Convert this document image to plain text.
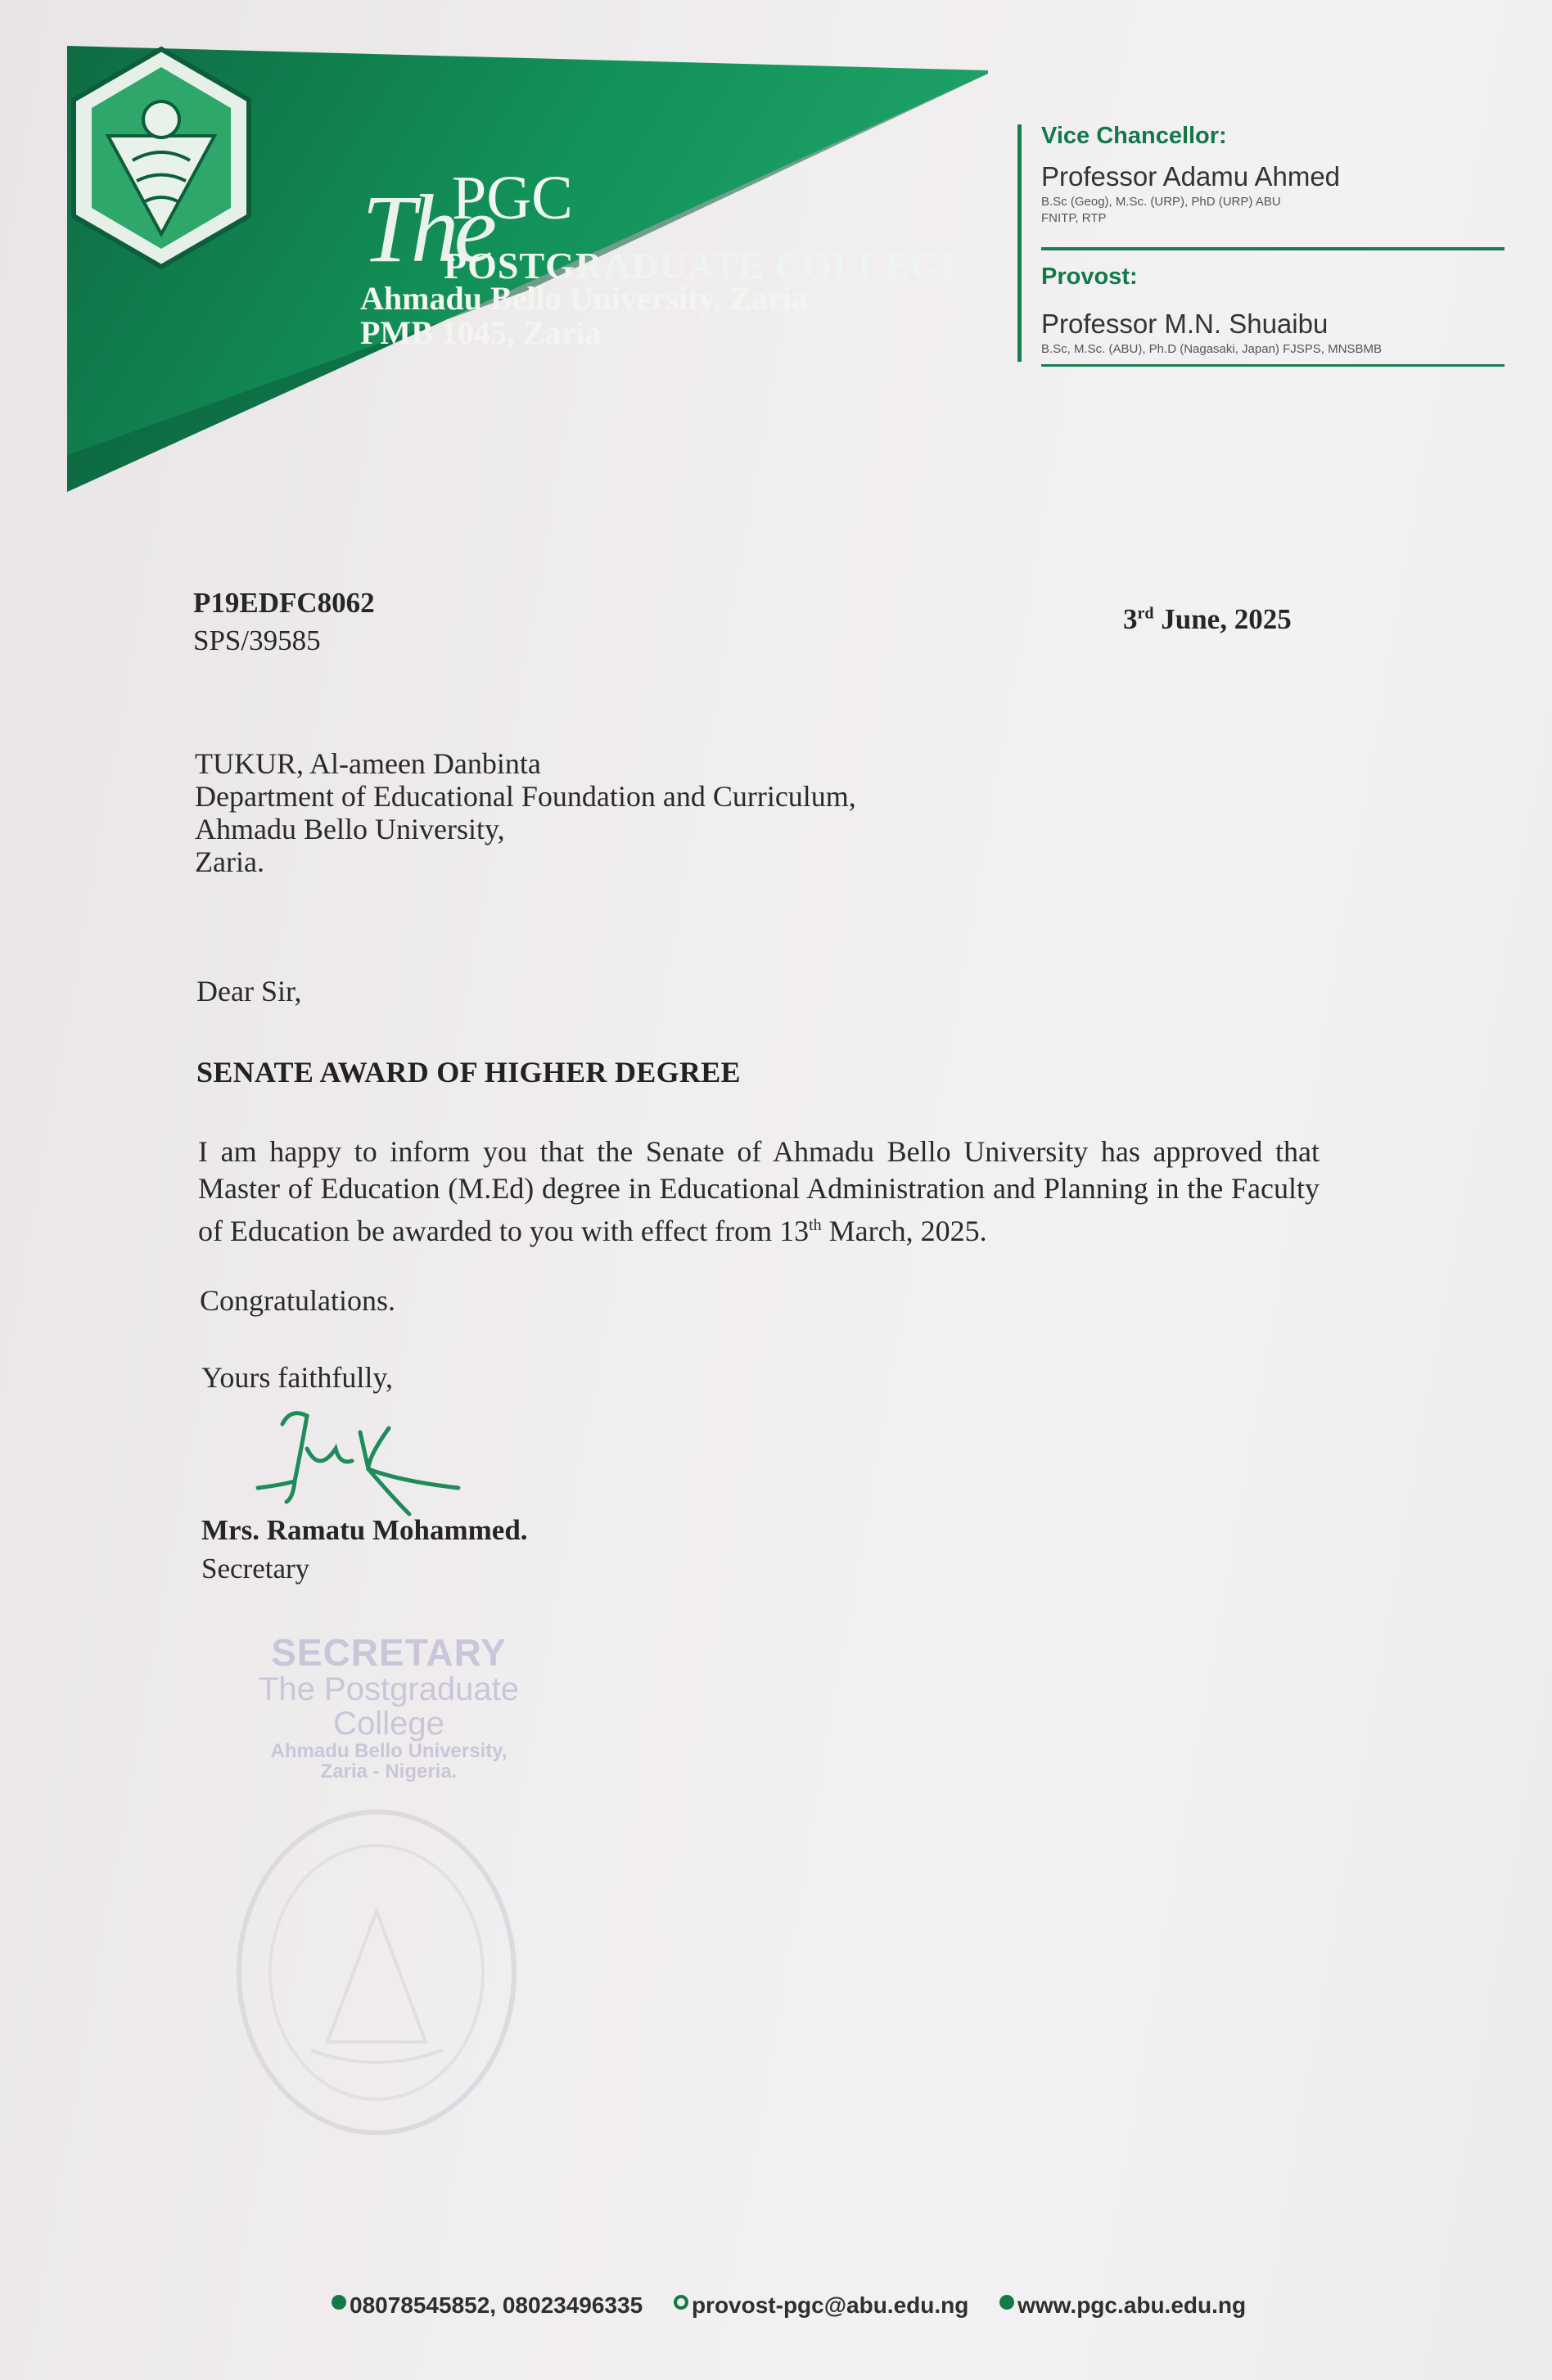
The
PGC
POSTGRADUATE COLLEGE
Ahmadu Bello University, Zaria
PMB 1045, Zaria
Vice Chancellor:
Professor Adamu Ahmed
B.Sc (Geog), M.Sc. (URP), PhD (URP) ABU
FNITP, RTP
Provost:
Professor M.N. Shuaibu
B.Sc, M.Sc. (ABU), Ph.D (Nagasaki, Japan) FJSPS, MNSBMB
P19EDFC8062
SPS/39585
3rd June, 2025
TUKUR, Al-ameen Danbinta
Department of Educational Foundation and Curriculum,
Ahmadu Bello University,
Zaria.
Dear Sir,
SENATE AWARD OF HIGHER DEGREE
I am happy to inform you that the Senate of Ahmadu Bello University has approved that Master of Education (M.Ed) degree in Educational Administration and Planning in the Faculty of Education be awarded to you with effect from 13th March, 2025.
Congratulations.
Yours faithfully,
Mrs. Ramatu Mohammed.
Secretary
SECRETARY
The Postgraduate College
Ahmadu Bello University,
Zaria - Nigeria.
08078545852, 08023496335
provost-pgc@abu.edu.ng
www.pgc.abu.edu.ng
